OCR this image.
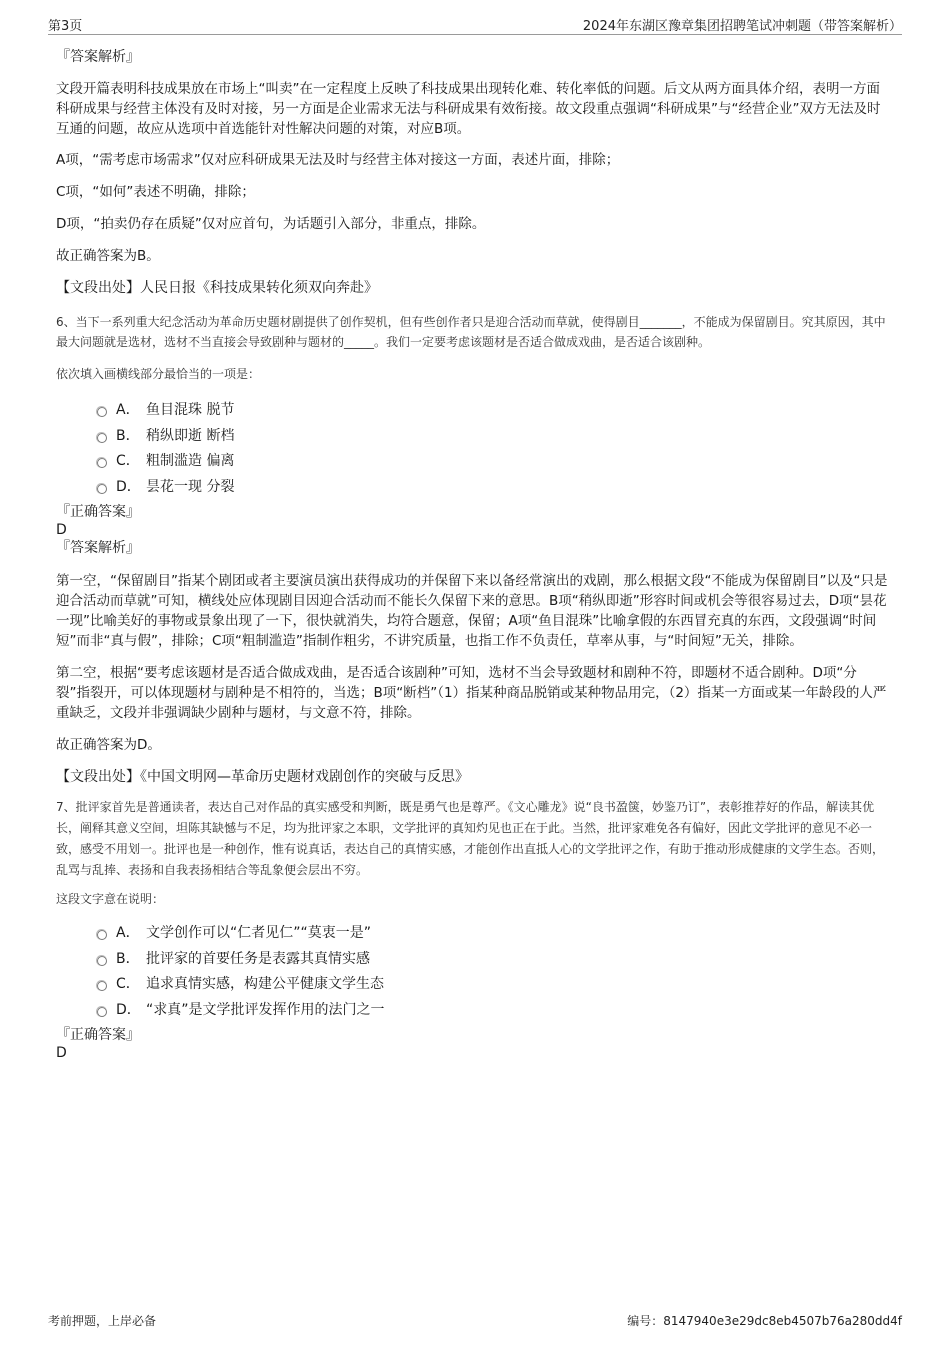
第3页	2024年东湖区豫章集团招聘笔试冲刺题（带答案解析）

『答案解析』

文段开篇表明科技成果放在市场上“叫卖”在一定程度上反映了科技成果出现转化难、转化率低的问题。后文从两方面具体介绍，表明一方面科研成果与经营主体没有及时对接，另一方面是企业需求无法与科研成果有效衔接。故文段重点强调“科研成果”与“经营企业”双方无法及时互通的问题，故应从选项中首选能针对性解决问题的对策，对应B项。

A项，“需考虑市场需求”仅对应科研成果无法及时与经营主体对接这一方面，表述片面，排除；

C项，“如何”表述不明确，排除；

D项，“拍卖仍存在质疑”仅对应首句，为话题引入部分，非重点，排除。

故正确答案为B。

【文段出处】人民日报《科技成果转化须双向奔赴》

6、当下一系列重大纪念活动为革命历史题材剧提供了创作契机，但有些创作者只是迎合活动而草就，使得剧目_______，不能成为保留剧目。究其原因，其中最大问题就是选材，选材不当直接会导致剧种与题材的_____。我们一定要考虑该题材是否适合做成戏曲，是否适合该剧种。

依次填入画横线部分最恰当的一项是：

A． 鱼目混珠 脱节
B． 稍纵即逝 断档
C． 粗制滥造 偏离
D． 昙花一现 分裂

『正确答案』

D

『答案解析』

第一空，“保留剧目”指某个剧团或者主要演员演出获得成功的并保留下来以备经常演出的戏剧，那么根据文段“不能成为保留剧目”以及“只是迎合活动而草就”可知，横线处应体现剧目因迎合活动而不能长久保留下来的意思。B项“稍纵即逝”形容时间或机会等很容易过去，D项“昙花一现”比喻美好的事物或景象出现了一下，很快就消失，均符合题意，保留；A项“鱼目混珠”比喻拿假的东西冒充真的东西，文段强调“时间短”而非“真与假”，排除；C项“粗制滥造”指制作粗劣，不讲究质量，也指工作不负责任，草率从事，与“时间短”无关，排除。

第二空，根据“要考虑该题材是否适合做成戏曲，是否适合该剧种”可知，选材不当会导致题材和剧种不符，即题材不适合剧种。D项“分裂”指裂开，可以体现题材与剧种是不相符的，当选；B项“断档”（1）指某种商品脱销或某种物品用完，（2）指某一方面或某一年龄段的人严重缺乏，文段并非强调缺少剧种与题材，与文意不符，排除。

故正确答案为D。

【文段出处】《中国文明网—革命历史题材戏剧创作的突破与反思》

7、批评家首先是普通读者，表达自己对作品的真实感受和判断，既是勇气也是尊严。《文心雕龙》说“良书盈箧，妙鉴乃订”，表彰推荐好的作品，解读其优长，阐释其意义空间，坦陈其缺憾与不足，均为批评家之本职，文学批评的真知灼见也正在于此。当然，批评家难免各有偏好，因此文学批评的意见不必一致，感受不用划一。批评也是一种创作，惟有说真话，表达自己的真情实感，才能创作出直抵人心的文学批评之作，有助于推动形成健康的文学生态。否则，乱骂与乱捧、表扬和自我表扬相结合等乱象便会层出不穷。

这段文字意在说明：

A． 文学创作可以“仁者见仁”“莫衷一是”
B． 批评家的首要任务是表露其真情实感
C． 追求真情实感，构建公平健康文学生态
D． “求真”是文学批评发挥作用的法门之一

『正确答案』

D

考前押题，上岸必备	编号：8147940e3e29dc8eb4507b76a280dd4f
